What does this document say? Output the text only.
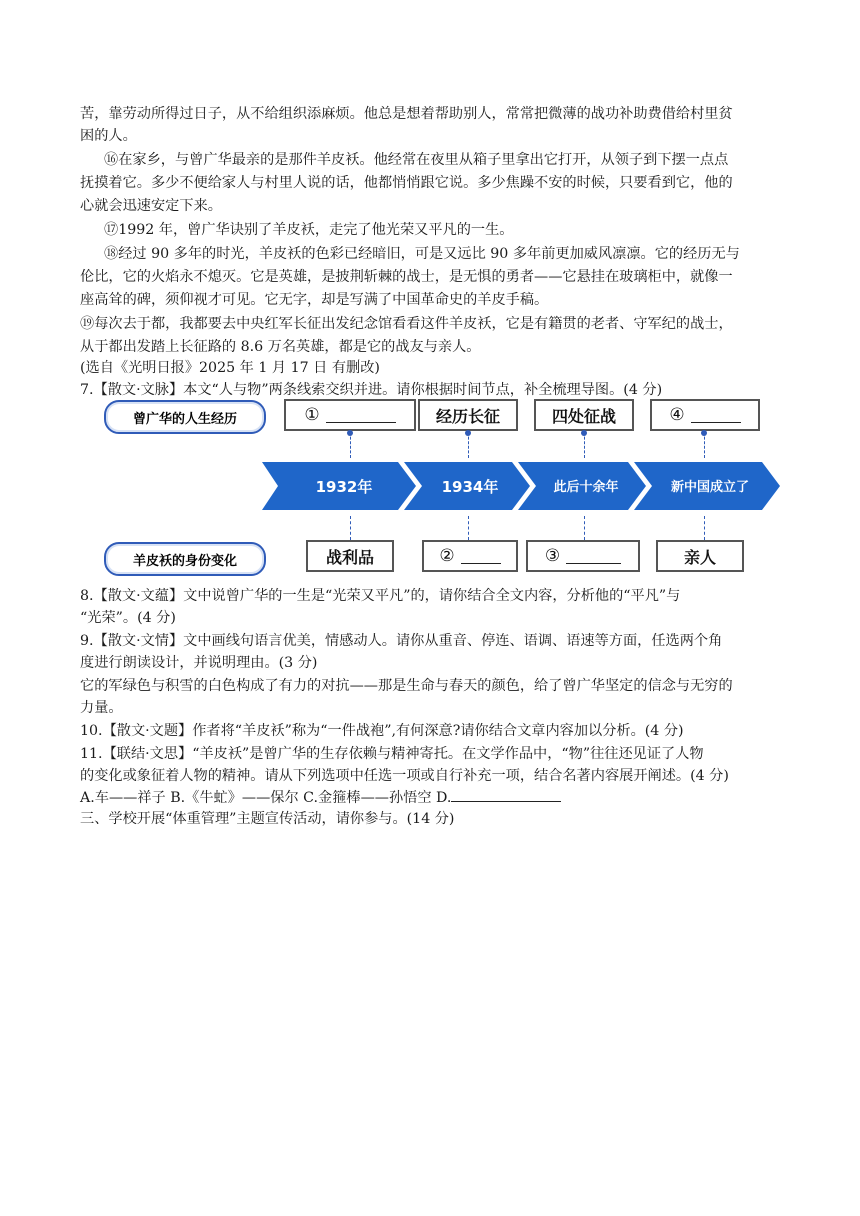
苦，靠劳动所得过日子，从不给组织添麻烦。他总是想着帮助别人，常常把微薄的战功补助费借给村里贫
困的人。
⑯在家乡，与曾广华最亲的是那件羊皮袄。他经常在夜里从箱子里拿出它打开，从领子到下摆一点点
抚摸着它。多少不便给家人与村里人说的话，他都悄悄跟它说。多少焦躁不安的时候，只要看到它，他的
心就会迅速安定下来。
⑰1992 年，曾广华诀别了羊皮袄，走完了他光荣又平凡的一生。
⑱经过 90 多年的时光，羊皮袄的色彩已经暗旧，可是又远比 90 多年前更加威风凛凛。它的经历无与
伦比，它的火焰永不熄灭。它是英雄，是披荆斩棘的战士，是无惧的勇者——它悬挂在玻璃柜中，就像一
座高耸的碑，须仰视才可见。它无字，却是写满了中国革命史的羊皮手稿。
⑲每次去于都，我都要去中央红军长征出发纪念馆看看这件羊皮袄，它是有籍贯的老者、守军纪的战士，
从于都出发踏上长征路的 8.6 万名英雄，都是它的战友与亲人。
(选自《光明日报》2025 年 1 月 17 日 有删改)
7.【散文·文脉】本文“人与物”两条线索交织并进。请你根据时间节点，补全梳理导图。(4 分)
曾广华的人生经历
羊皮袄的身份变化
①	经历长征	四处征战	④
战利品	②	③	亲人
1932年	1934年	此后十余年	新中国成立了
8.【散文·文蕴】文中说曾广华的一生是“光荣又平凡”的，请你结合全文内容，分析他的“平凡”与
“光荣”。(4 分)
9.【散文·文情】文中画线句语言优美，情感动人。请你从重音、停连、语调、语速等方面，任选两个角
度进行朗读设计，并说明理由。(3 分)
它的军绿色与积雪的白色构成了有力的对抗——那是生命与春天的颜色，给了曾广华坚定的信念与无穷的
力量。
10.【散文·文题】作者将“羊皮袄”称为“一件战袍”,有何深意?请你结合文章内容加以分析。(4 分)
11.【联结·文思】“羊皮袄”是曾广华的生存依赖与精神寄托。在文学作品中，“物”往往还见证了人物
的变化或象征着人物的精神。请从下列选项中任选一项或自行补充一项，结合名著内容展开阐述。(4 分)
A.车——祥子 B.《牛虻》——保尔 C.金箍棒——孙悟空 D.
三、学校开展“体重管理”主题宣传活动，请你参与。(14 分)
